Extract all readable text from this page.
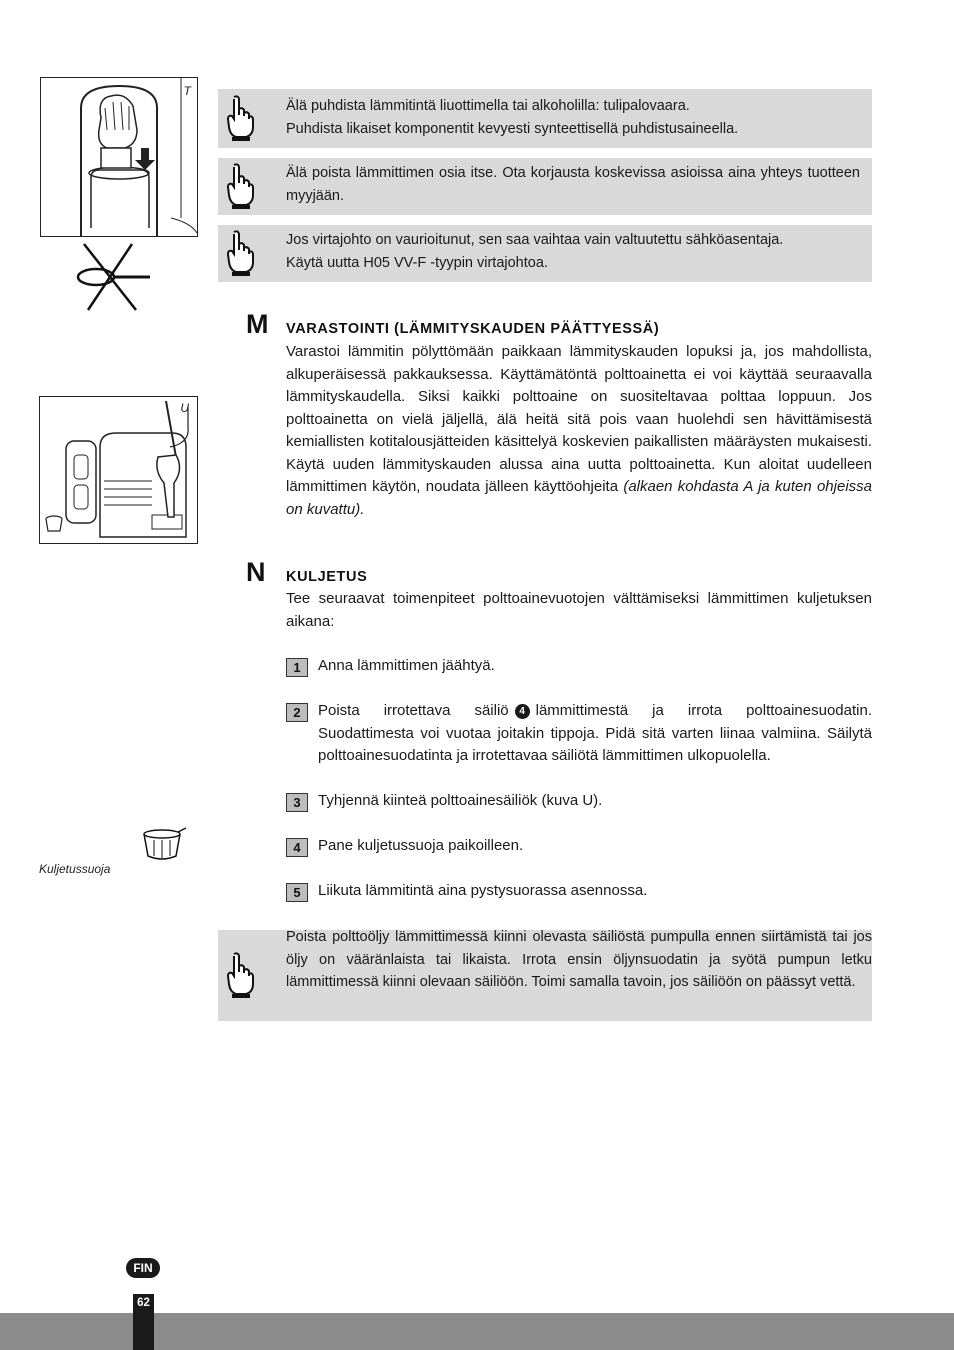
T
U
Kuljetussuoja

Älä puhdista lämmitintä liuottimella tai alkoholilla: tulipalovaara.

Puhdista likaiset komponentit kevyesti synteettisellä puhdistusaineella.

Älä poista lämmittimen osia itse. Ota korjausta koskevissa asioissa aina yhteys tuotteen myyjään.

Jos virtajohto on vaurioitunut, sen saa vaihtaa vain valtuutettu sähköasentaja.

Käytä uutta H05 VV-F -tyypin virtajohtoa.

M VARASTOINTI (LÄMMITYSKAUDEN PÄÄTTYESSÄ)
Varastoi lämmitin pölyttömään paikkaan lämmityskauden lopuksi ja, jos mahdollista, alkuperäisessä pakkauksessa. Käyttämätöntä polttoainetta ei voi käyttää seuraavalla lämmityskaudella. Siksi kaikki polttoaine on suositeltavaa polttaa loppuun. Jos polttoainetta on vielä jäljellä, älä heitä sitä pois vaan huolehdi sen hävittämisestä kemiallisten kotitalousjätteiden käsittelyä koskevien paikallisten määräysten mukaisesti. Käytä uuden lämmityskauden alussa aina uutta polttoainetta. Kun aloitat uudelleen lämmittimen käytön, noudata jälleen käyttöohjeita (alkaen kohdasta A ja kuten ohjeissa on kuvattu).
N KULJETUS
Tee seuraavat toimenpiteet polttoainevuotojen välttämiseksi lämmittimen kuljetuksen aikana:
1	Anna lämmittimen jäähtyä.
2	Poista irrotettava säiliö 4 lämmittimestä ja irrota polttoainesuodatin. Suodattimesta voi vuotaa joitakin tippoja. Pidä sitä varten liinaa valmiina. Säilytä polttoainesuodatinta ja irrotettavaa säiliötä lämmittimen ulkopuolella.
3	Tyhjennä kiinteä polttoainesäiliök (kuva U).
4	Pane kuljetussuoja paikoilleen.
5	Liikuta lämmitintä aina pystysuorassa asennossa.

Poista polttoöljy lämmittimessä kiinni olevasta säiliöstä pumpulla ennen siirtämistä tai jos öljy on vääränlaista tai likaista. Irrota ensin öljynsuodatin ja syötä pumpun letku lämmittimessä kiinni olevaan säiliöön. Toimi samalla tavoin, jos säiliöön on päässyt vettä.

FIN
62
